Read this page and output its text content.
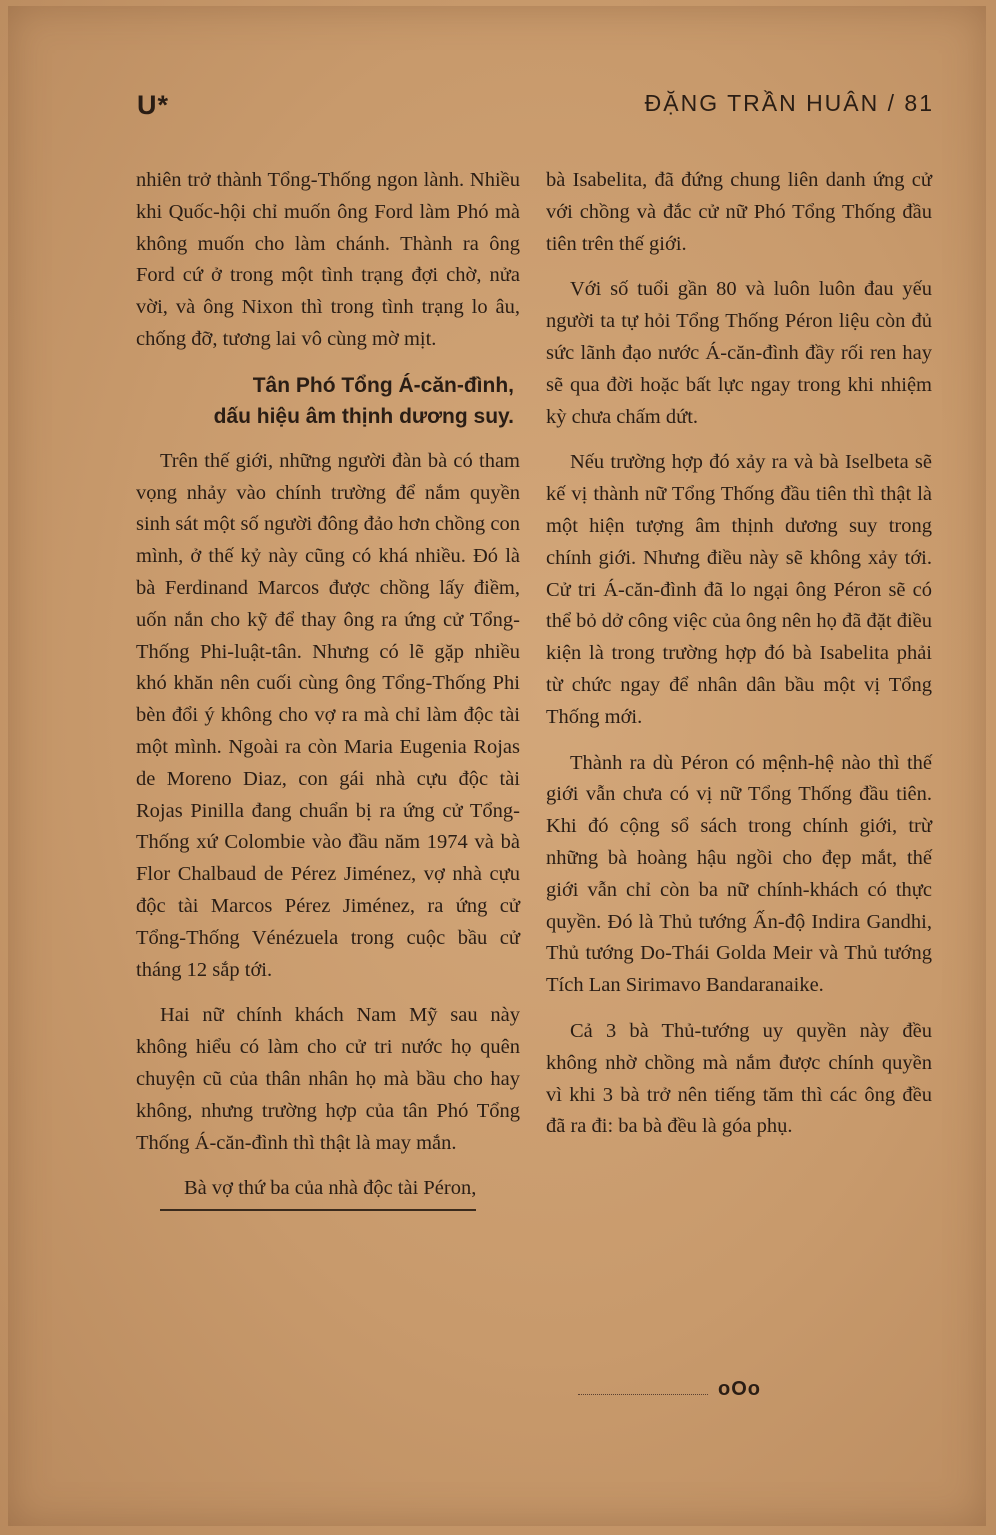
U*	ĐẶNG TRẦN HUÂN / 81

nhiên trở thành Tổng-Thống ngon lành. Nhiều khi Quốc-hội chỉ muốn ông Ford làm Phó mà không muốn cho làm chánh. Thành ra ông Ford cứ ở trong một tình trạng đợi chờ, nửa vời, và ông Nixon thì trong tình trạng lo âu, chống đỡ, tương lai vô cùng mờ mịt.

Tân Phó Tổng Á-căn-đình,
dấu hiệu âm thịnh dương suy.

Trên thế giới, những người đàn bà có tham vọng nhảy vào chính trường để nắm quyền sinh sát một số người đông đảo hơn chồng con mình, ở thế kỷ này cũng có khá nhiều. Đó là bà Ferdinand Marcos được chồng lấy điềm, uốn nắn cho kỹ để thay ông ra ứng cử Tổng-Thống Phi-luật-tân. Nhưng có lẽ gặp nhiều khó khăn nên cuối cùng ông Tổng-Thống Phi bèn đổi ý không cho vợ ra mà chỉ làm độc tài một mình. Ngoài ra còn Maria Eugenia Rojas de Moreno Diaz, con gái nhà cựu độc tài Rojas Pinilla đang chuẩn bị ra ứng cử Tổng-Thống xứ Colombie vào đầu năm 1974 và bà Flor Chalbaud de Pérez Jiménez, vợ nhà cựu độc tài Marcos Pérez Jiménez, ra ứng cử Tổng-Thống Vénézuela trong cuộc bầu cử tháng 12 sắp tới.

Hai nữ chính khách Nam Mỹ sau này không hiểu có làm cho cử tri nước họ quên chuyện cũ của thân nhân họ mà bầu cho hay không, nhưng trường hợp của tân Phó Tổng Thống Á-căn-đình thì thật là may mắn.

Bà vợ thứ ba của nhà độc tài Péron,

bà Isabelita, đã đứng chung liên danh ứng cử với chồng và đắc cử nữ Phó Tổng Thống đầu tiên trên thế giới.

Với số tuổi gần 80 và luôn luôn đau yếu người ta tự hỏi Tổng Thống Péron liệu còn đủ sức lãnh đạo nước Á-căn-đình đầy rối ren hay sẽ qua đời hoặc bất lực ngay trong khi nhiệm kỳ chưa chấm dứt.

Nếu trường hợp đó xảy ra và bà Iselbeta sẽ kế vị thành nữ Tổng Thống đầu tiên thì thật là một hiện tượng âm thịnh dương suy trong chính giới. Nhưng điều này sẽ không xảy tới. Cử tri Á-căn-đình đã lo ngại ông Péron sẽ có thể bỏ dở công việc của ông nên họ đã đặt điều kiện là trong trường hợp đó bà Isabelita phải từ chức ngay để nhân dân bầu một vị Tổng Thống mới.

Thành ra dù Péron có mệnh-hệ nào thì thế giới vẫn chưa có vị nữ Tổng Thống đầu tiên. Khi đó cộng sổ sách trong chính giới, trừ những bà hoàng hậu ngồi cho đẹp mắt, thế giới vẫn chỉ còn ba nữ chính-khách có thực quyền. Đó là Thủ tướng Ấn-độ Indira Gandhi, Thủ tướng Do-Thái Golda Meir và Thủ tướng Tích Lan Sirimavo Bandaranaike.

Cả 3 bà Thủ-tướng uy quyền này đều không nhờ chồng mà nắm được chính quyền vì khi 3 bà trở nên tiếng tăm thì các ông đều đã ra đi: ba bà đều là góa phụ.

oOo
